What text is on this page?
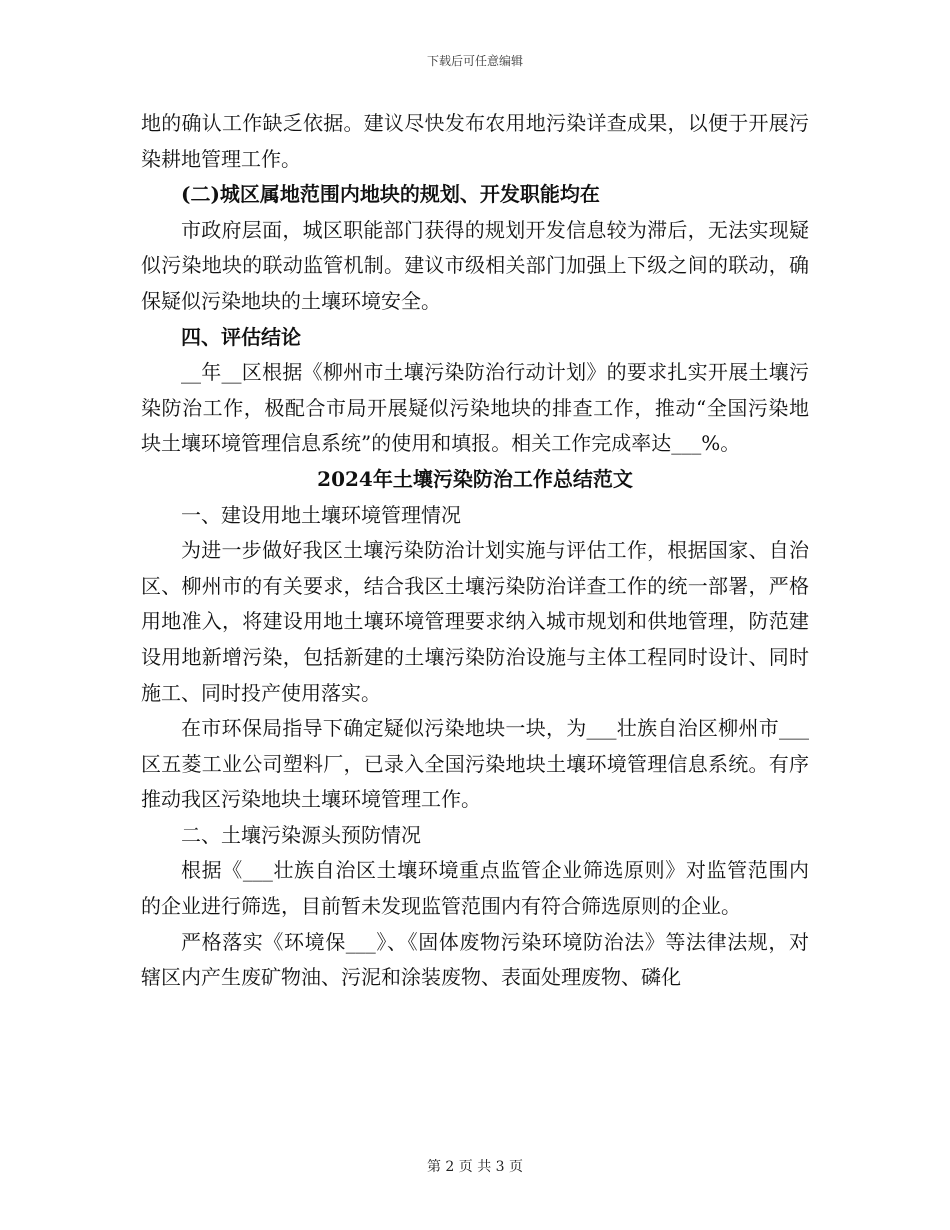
下载后可任意编辑

地的确认工作缺乏依据。建议尽快发布农用地污染详查成果，以便于开展污染耕地管理工作。

(二)城区属地范围内地块的规划、开发职能均在

市政府层面，城区职能部门获得的规划开发信息较为滞后，无法实现疑似污染地块的联动监管机制。建议市级相关部门加强上下级之间的联动，确保疑似污染地块的土壤环境安全。

四、评估结论

__年__区根据《柳州市土壤污染防治行动计划》的要求扎实开展土壤污染防治工作，极配合市局开展疑似污染地块的排查工作，推动“全国污染地块土壤环境管理信息系统”的使用和填报。相关工作完成率达___%。

2024年土壤污染防治工作总结范文

一、建设用地土壤环境管理情况

为进一步做好我区土壤污染防治计划实施与评估工作，根据国家、自治区、柳州市的有关要求，结合我区土壤污染防治详查工作的统一部署，严格用地准入，将建设用地土壤环境管理要求纳入城市规划和供地管理，防范建设用地新增污染，包括新建的土壤污染防治设施与主体工程同时设计、同时施工、同时投产使用落实。

在市环保局指导下确定疑似污染地块一块，为___壮族自治区柳州市___区五菱工业公司塑料厂，已录入全国污染地块土壤环境管理信息系统。有序推动我区污染地块土壤环境管理工作。

二、土壤污染源头预防情况

根据《___壮族自治区土壤环境重点监管企业筛选原则》对监管范围内的企业进行筛选，目前暂未发现监管范围内有符合筛选原则的企业。

严格落实《环境保___》、《固体废物污染环境防治法》等法律法规，对辖区内产生废矿物油、污泥和涂装废物、表面处理废物、磷化

第 2 页 共 3 页
